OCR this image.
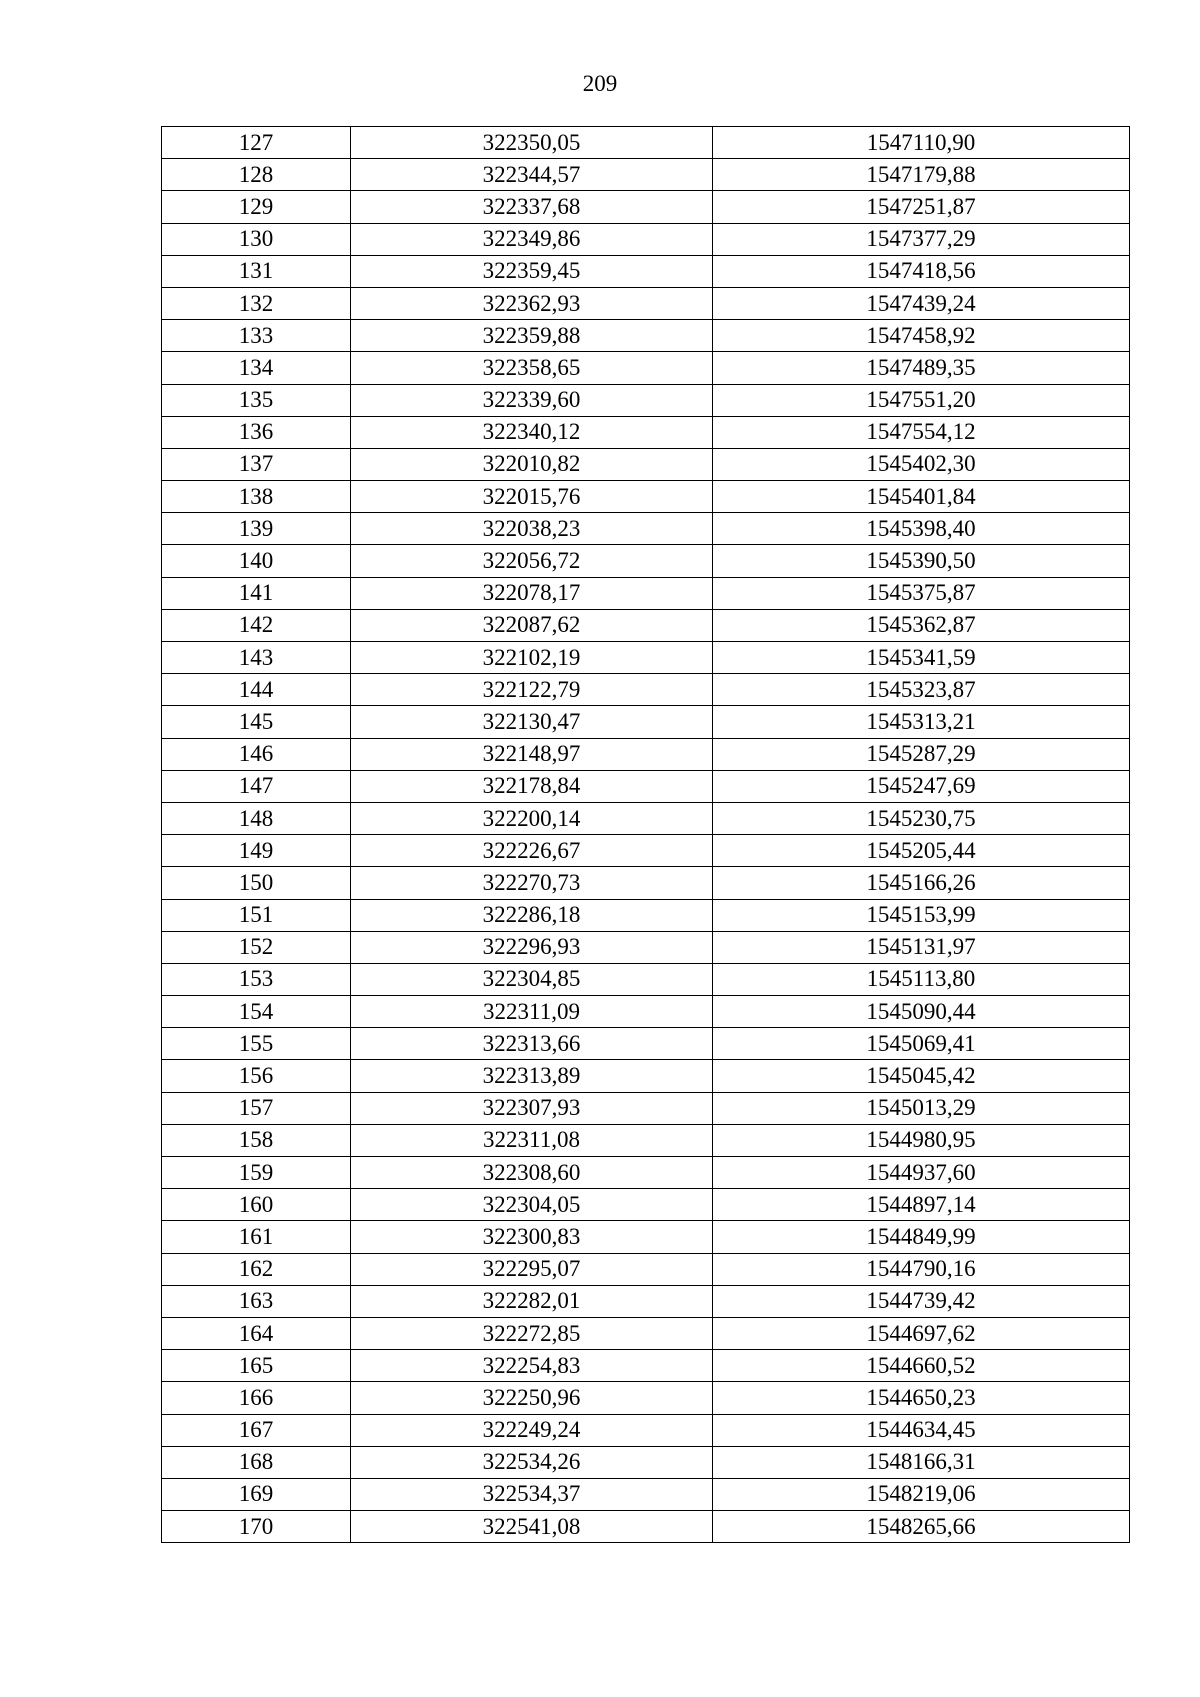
209
127	322350,05	1547110,90
128	322344,57	1547179,88
129	322337,68	1547251,87
130	322349,86	1547377,29
131	322359,45	1547418,56
132	322362,93	1547439,24
133	322359,88	1547458,92
134	322358,65	1547489,35
135	322339,60	1547551,20
136	322340,12	1547554,12
137	322010,82	1545402,30
138	322015,76	1545401,84
139	322038,23	1545398,40
140	322056,72	1545390,50
141	322078,17	1545375,87
142	322087,62	1545362,87
143	322102,19	1545341,59
144	322122,79	1545323,87
145	322130,47	1545313,21
146	322148,97	1545287,29
147	322178,84	1545247,69
148	322200,14	1545230,75
149	322226,67	1545205,44
150	322270,73	1545166,26
151	322286,18	1545153,99
152	322296,93	1545131,97
153	322304,85	1545113,80
154	322311,09	1545090,44
155	322313,66	1545069,41
156	322313,89	1545045,42
157	322307,93	1545013,29
158	322311,08	1544980,95
159	322308,60	1544937,60
160	322304,05	1544897,14
161	322300,83	1544849,99
162	322295,07	1544790,16
163	322282,01	1544739,42
164	322272,85	1544697,62
165	322254,83	1544660,52
166	322250,96	1544650,23
167	322249,24	1544634,45
168	322534,26	1548166,31
169	322534,37	1548219,06
170	322541,08	1548265,66
